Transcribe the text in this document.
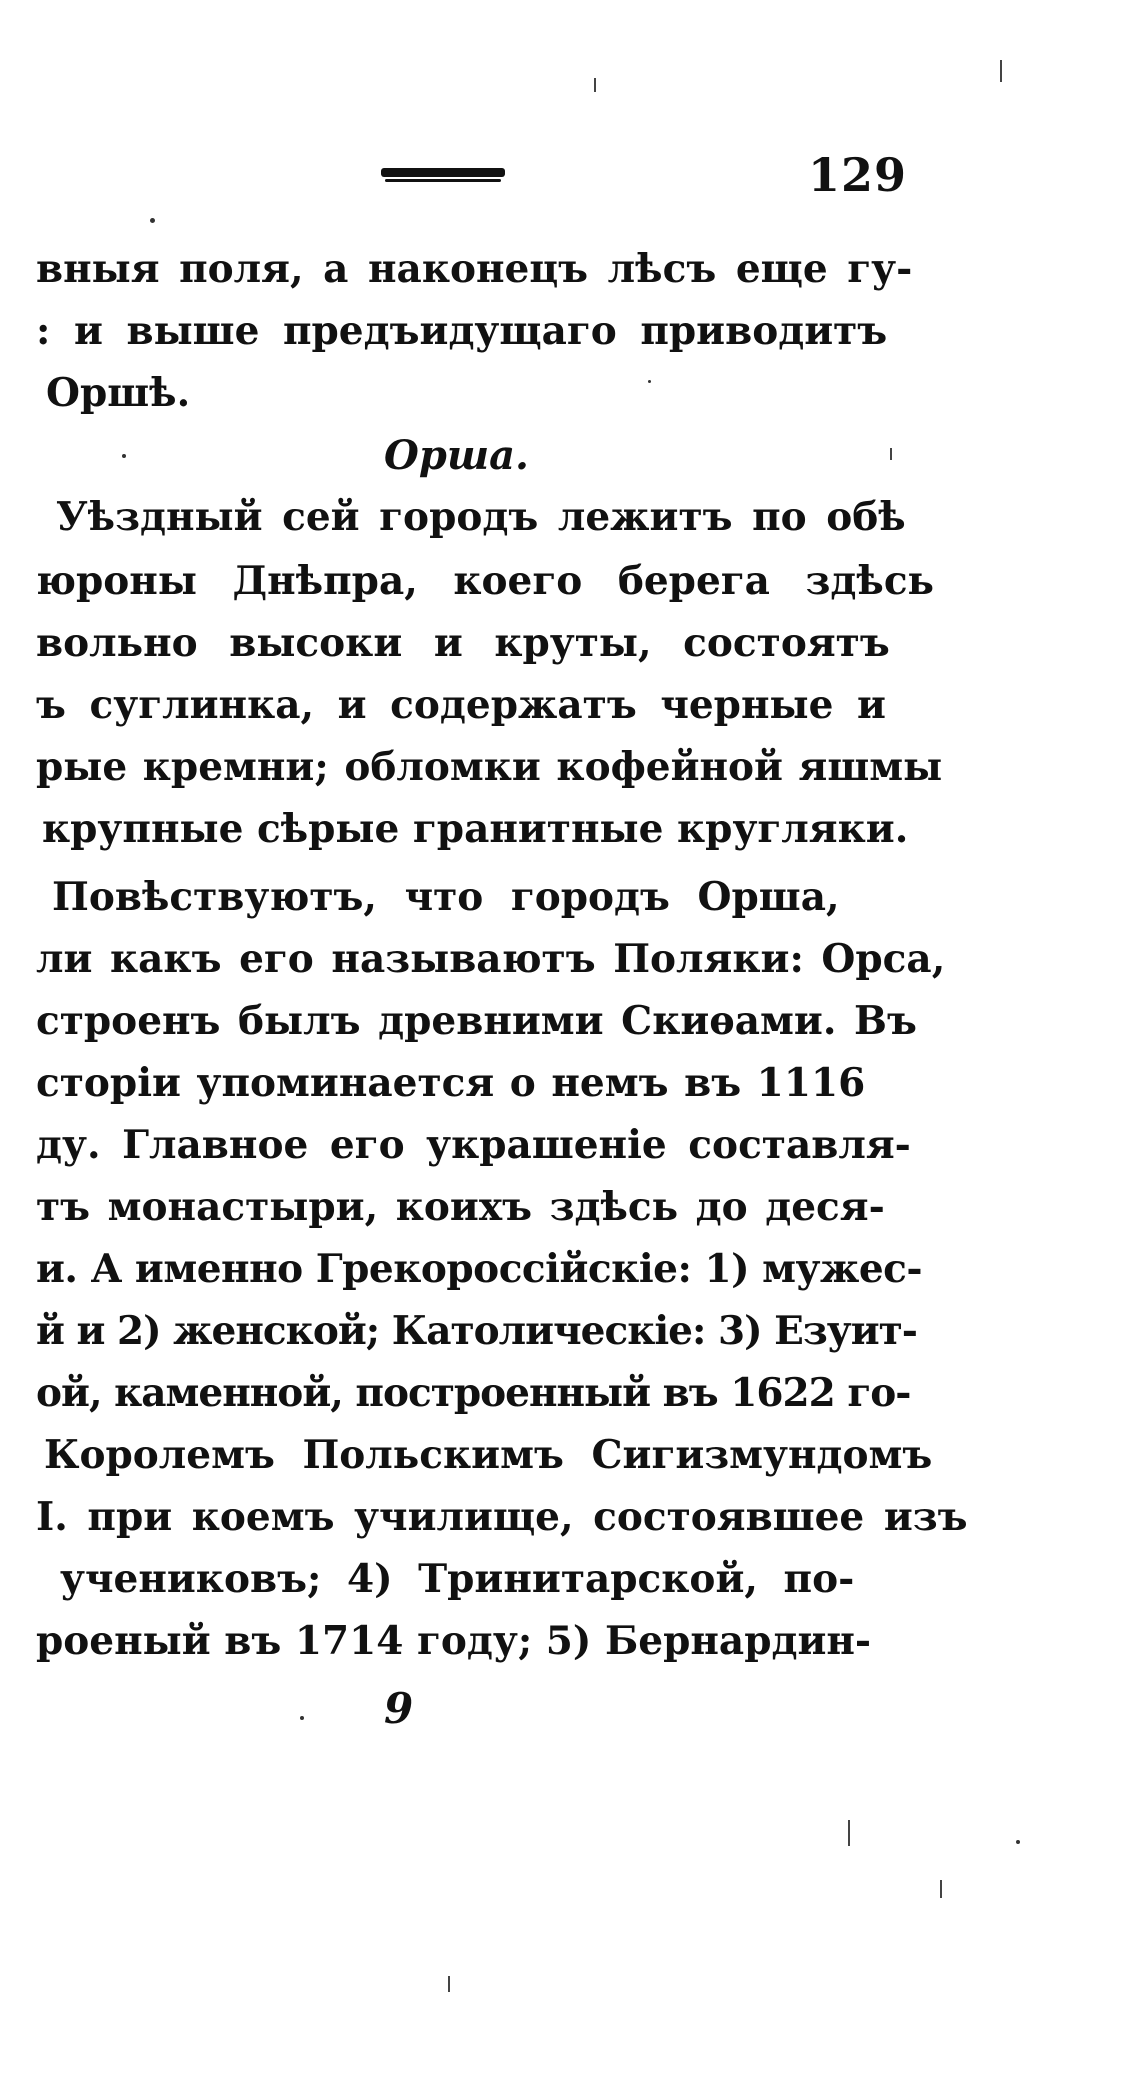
129
вныя поля, а наконецъ лѣсъ еще гу-
: и выше предъидущаго приводитъ
Оршѣ.
Орша.
Уѣздный сей городъ лежитъ по обѣ
юроны Днѣпра, коего берега здѣсь
вольно высоки и круты, состоятъ
ъ суглинка, и содержатъ черные и
рые кремни; обломки кофейной яшмы
крупные сѣрые гранитные кругляки.
Повѣствуютъ, что городъ Орша,
ли какъ его называютъ Поляки: Орса,
строенъ былъ древними Скиѳами. Въ
сторіи упоминается о немъ въ 1116
ду. Главное его украшеніе составля-
тъ монастыри, коихъ здѣсь до деся-
и. А именно Грекороссійскіе: 1) мужес-
й и 2) женской; Католическіе: 3) Езуит-
ой, каменной, построенный въ 1622 го-
Королемъ Польскимъ Сигизмундомъ
I. при коемъ училище, состоявшее изъ
учениковъ; 4) Тринитарской, по-
роеный въ 1714 году; 5) Бернардин-
9
